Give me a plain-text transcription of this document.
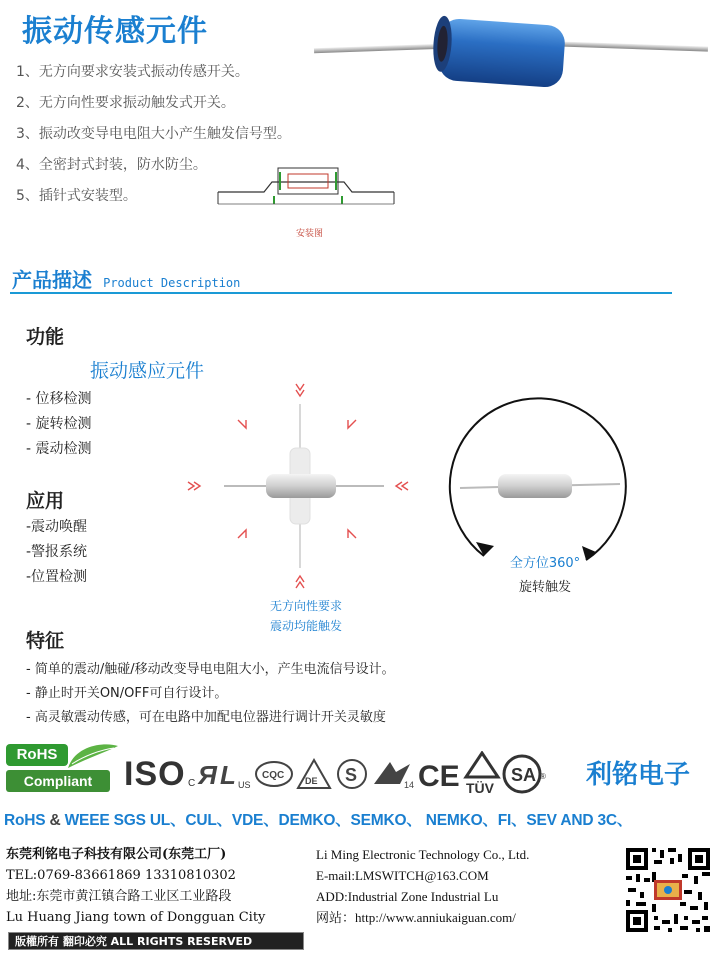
振动传感元件
1、无方向要求安装式振动传感开关。
2、无方向性要求振动触发式开关。
3、振动改变导电电阻大小产生触发信号型。
4、全密封式封装，防水防尘。
5、插针式安装型。
安装图
产品描述 Product Description
功能
振动感应元件
- 位移检测
- 旋转检测
- 震动检测
应用
-震动唤醒
-警报系统
-位置检测
无方向性要求
震动均能触发
全方位360°
旋转触发
特征
- 简单的震动/触碰/移动改变导电电阻大小，产生电流信号设计。
- 静止时开关ON/OFF可自行设计。
- 高灵敏震动传感，可在电路中加配电位器进行调计开关灵敏度
RoHS
Compliant ISO C Я L US
CQC DE S	14 CE TÜV
SA ® 利铭电子
RoHS & WEEE SGS UL、CUL、VDE、DEMKO、SEMKO、 NEMKO、FI、SEV AND 3C、
东莞利铭电子科技有限公司(东莞工厂)
TEL:0769-83661869 13310810302
地址:东莞市黄江镇合路工业区工业路段
Lu Huang Jiang town of Dongguan City
Li Ming Electronic Technology Co., Ltd.
E-mail:LMSWITCH@163.COM
ADD:Industrial Zone Industrial Lu
网站：http://www.anniukaiguan.com/
版權所有 翻印必究 ALL RIGHTS RESERVED
